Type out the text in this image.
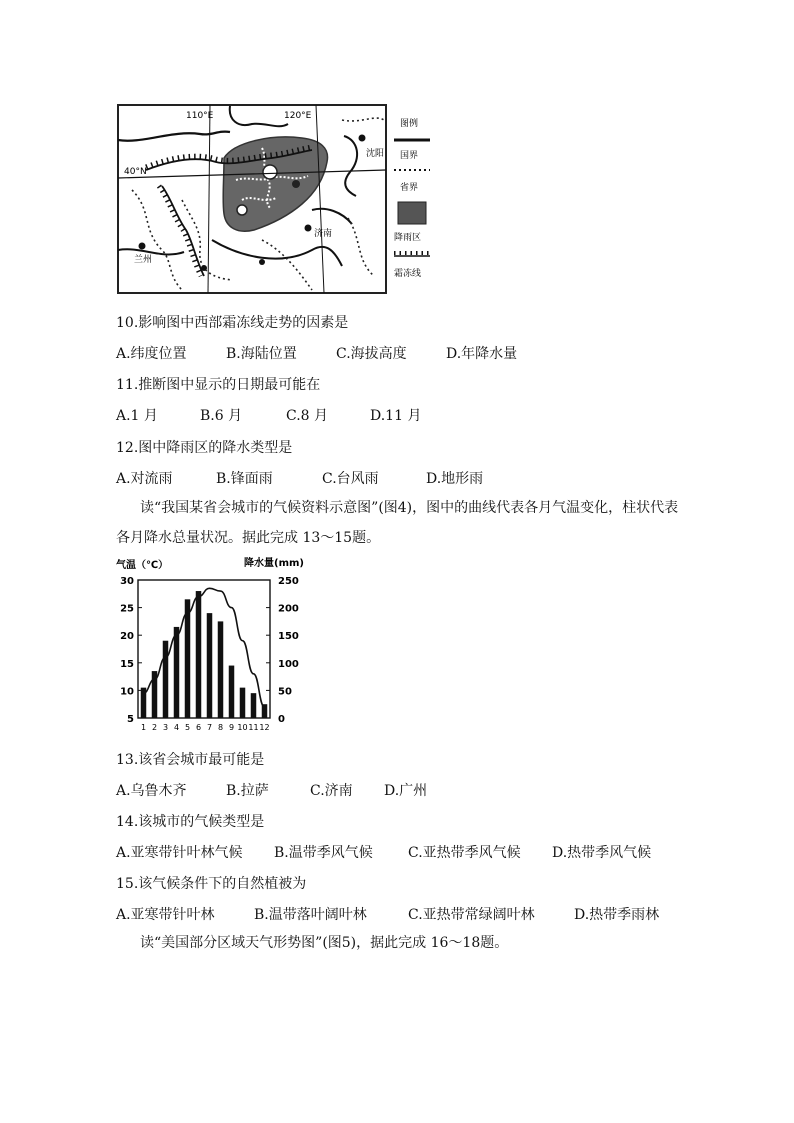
110°E	120°E
40°N
沈阳
济南
兰州
图例
国界
省界
降雨区
霜冻线
10.影响图中西部霜冻线走势的因素是
A.纬度位置	B.海陆位置	C.海拔高度	D.年降水量
11.推断图中显示的日期最可能在
A.1 月	B.6 月	C.8 月	D.11 月
12.图中降雨区的降水类型是
A.对流雨	B.锋面雨	C.台风雨	D.地形雨
读“我国某省会城市的气候资料示意图”(图4)，图中的曲线代表各月气温变化，柱状代表各月降水总量状况。据此完成 13～15题。
气温（℃）	降水量(mm)
5
10
15
20
25
30
0
50
100
150
200
250
1 2 3 4 5 6 7 8 9 10 11 12
13.该省会城市最可能是
A.乌鲁木齐	B.拉萨	C.济南	D.广州
14.该城市的气候类型是
A.亚寒带针叶林气候	B.温带季风气候	C.亚热带季风气候	D.热带季风气候
15.该气候条件下的自然植被为
A.亚寒带针叶林	B.温带落叶阔叶林	C.亚热带常绿阔叶林	D.热带季雨林
读“美国部分区域天气形势图”(图5)，据此完成 16～18题。
